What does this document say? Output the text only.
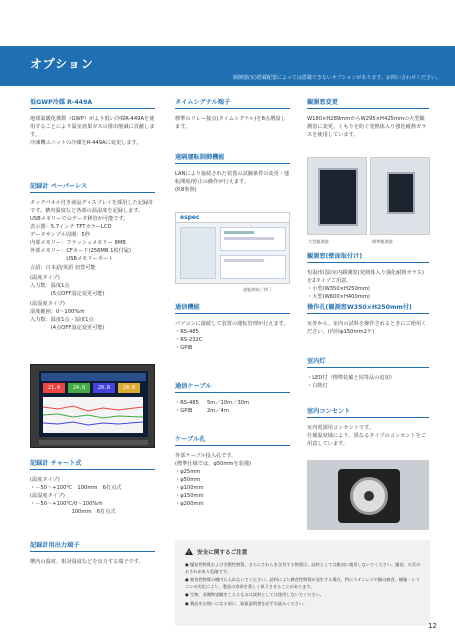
オプション
制御器(室)搭載配置によっては搭載できないオプションがあります。お問い合わせください。
低GWP冷媒 R-449A
地球温暖化係数（GWP）がより低い冷媒R-449Aを使用することにより温室効果ガスの排出削減に貢献します。
冷凍機ユニットの冷媒をR-449Aに変更します。
記録計 ペーパーレス
タッチパネル付き液晶ディスプレイを採用した記録計です。槽内温度など各部の温湿度を記録します。
USBメモリーでのデータ移管が可能です。
表示器：5.7インチ TFTカラーLCD
データサンプル周期：5秒
内部メモリー：フラッシュメモリー 8MB
外部メモリー：CFカード(256MB 1枚付属)
　　　　　　　USBメモリーポート
言語：日本語/英語 切替可能
(温度タイプ)
入力数：温度1点
　　　　(5点OFF設定変更可能)
(温湿度タイプ)
湿度範囲：0～100%rh
入力数：温度1点・湿度1点
　　　　(4点OFF設定変更可能)
21.4	24.8	20.8	24.0
記録計 チャート式
(温度タイプ)
・－50～+100℃　100mm　6打点式
(温湿度タイプ)
・－50～+100℃/0～100%rh
　　　　　　　　100mm　6打点式
記録計用出力端子
槽内の温度、相対湿度などを出力する端子です。
タイムシグナル端子
標準のリレー接点(タイムシグナル)を8点増設します。
遠隔運転制御機能
LANにより接続された装置の試験条件の変更・運転開始/停止の操作が行えます。
(P.8参照)
espec
運転開始／終了
通信機能
パソコンに接続して装置の運転管理が行えます。
・RS-485
・RS-232C
・GPIB
通信ケーブル
・RS-485	5m／10m／30m
・GPIB	2m／4m
ケーブル孔
外部ケーブル投入孔です。
(標準仕様では、φ50mmを装備)
・φ25mm
・φ50mm
・φ100mm
・φ150mm
・φ200mm
! 安全に関するご注意
● 爆発性物質および引燃性物質、さらにそれらを含有する物質は、試料としては絶対に使用しないでください。爆発、火災のおそれがあり危険です。
● 腐食性物質の槽内に入れないでください。試料により腐食性物質が発生する場合、特にステンレスや銅の腐食、樹脂・シリコンの劣化により、製品の寿命を著しく低下させることがあります。
● 生物、非微物実験をこえるものは試料としては使用しないでください。
● 製品をお使いになる前に、取扱説明書を必ずお読みください。
観測窓変更
W180×H289mmからW295×H425mmの大型観測窓に変更。くもりを防ぐ発熱体入り強化耐熱ガラスを使用しています。
大型観測窓	標準観測窓
観測窓(壁面取付け)
恒温(恒湿)室内観測窓(発熱体入り強化耐熱ガラス)を2タイプご用意。
・小型(W350×H250mm)
・大型(W600×H400mm)
操作孔(観測窓W350×H250mm付)
室外から、室内の試料を操作されるときにご使用ください。(内径φ150mm2ケ)
室内灯
・LED付（標準装備と同等品の追加）
・白熱灯
室内コンセント
室内電源用コンセントです。
仕様温度域により、異なるタイプのコンセントをご用意しています。
12
